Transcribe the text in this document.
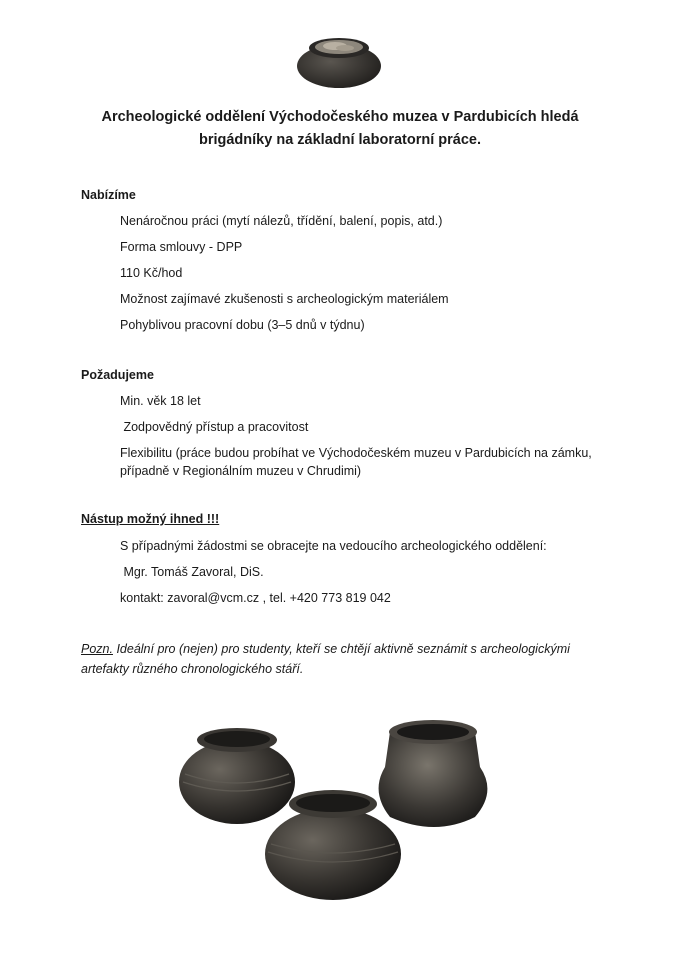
Archeologické oddělení Východočeského muzea v Pardubicích hledá
brigádníky na základní laboratorní práce.
Nabízíme
Nenáročnou práci (mytí nálezů, třídění, balení, popis, atd.)
Forma smlouvy - DPP
110 Kč/hod
Možnost zajímavé zkušenosti s archeologickým materiálem
Pohyblivou pracovní dobu (3–5 dnů v týdnu)
Požadujeme
Min. věk 18 let
Zodpovědný přístup a pracovitost
Flexibilitu (práce budou probíhat ve Východočeském muzeu v Pardubicích na zámku,
případně v Regionálním muzeu v Chrudimi)
Nástup možný ihned !!!
S případnými žádostmi se obracejte na vedoucího archeologického oddělení:
Mgr. Tomáš Zavoral, DiS.
kontakt: zavoral@vcm.cz , tel. +420 773 819 042
Pozn. Ideální pro (nejen) pro studenty, kteří se chtějí aktivně seznámit s archeologickými artefakty různého chronologického stáří.
